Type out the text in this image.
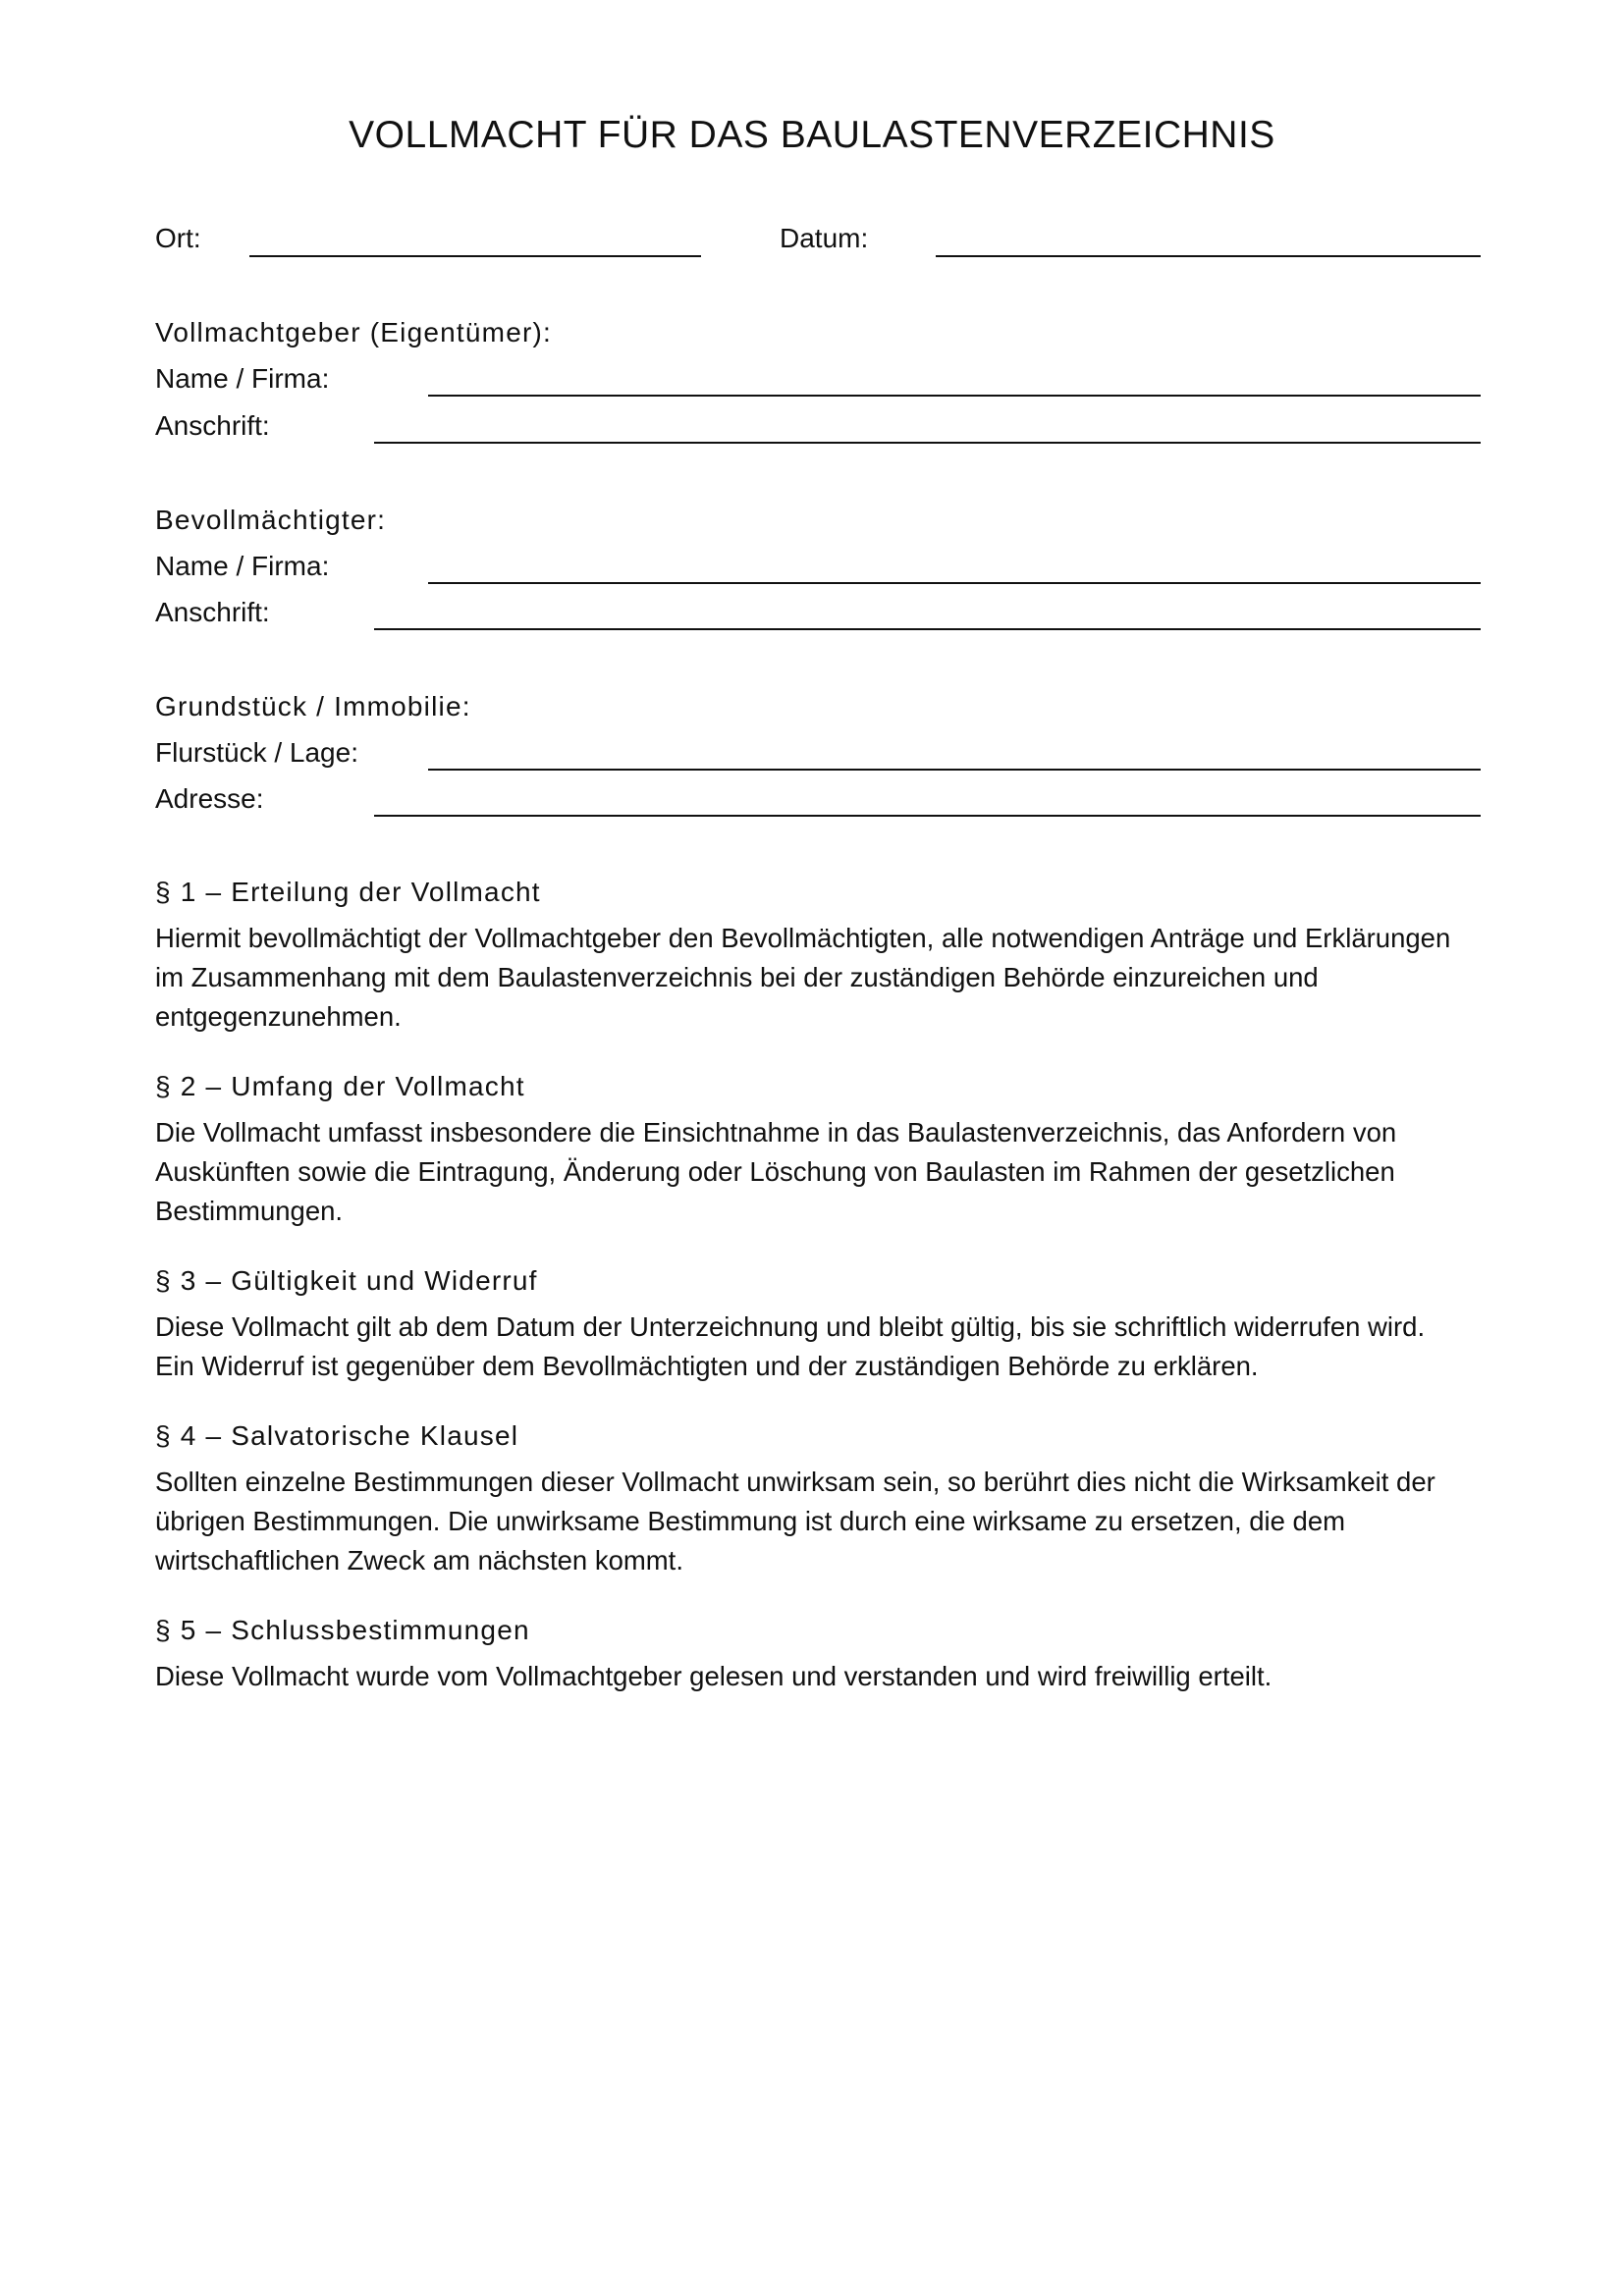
VOLLMACHT FÜR DAS BAULASTENVERZEICHNIS
Ort:	Datum:
Vollmachtgeber (Eigentümer):
Name / Firma:
Anschrift:
Bevollmächtigter:
Name / Firma:
Anschrift:
Grundstück / Immobilie:
Flurstück / Lage:
Adresse:
§ 1 – Erteilung der Vollmacht
Hiermit bevollmächtigt der Vollmachtgeber den Bevollmächtigten, alle notwendigen Anträge und Erklärungen
im Zusammenhang mit dem Baulastenverzeichnis bei der zuständigen Behörde einzureichen und
entgegenzunehmen.
§ 2 – Umfang der Vollmacht
Die Vollmacht umfasst insbesondere die Einsichtnahme in das Baulastenverzeichnis, das Anfordern von
Auskünften sowie die Eintragung, Änderung oder Löschung von Baulasten im Rahmen der gesetzlichen
Bestimmungen.
§ 3 – Gültigkeit und Widerruf
Diese Vollmacht gilt ab dem Datum der Unterzeichnung und bleibt gültig, bis sie schriftlich widerrufen wird.
Ein Widerruf ist gegenüber dem Bevollmächtigten und der zuständigen Behörde zu erklären.
§ 4 – Salvatorische Klausel
Sollten einzelne Bestimmungen dieser Vollmacht unwirksam sein, so berührt dies nicht die Wirksamkeit der
übrigen Bestimmungen. Die unwirksame Bestimmung ist durch eine wirksame zu ersetzen, die dem
wirtschaftlichen Zweck am nächsten kommt.
§ 5 – Schlussbestimmungen
Diese Vollmacht wurde vom Vollmachtgeber gelesen und verstanden und wird freiwillig erteilt.
